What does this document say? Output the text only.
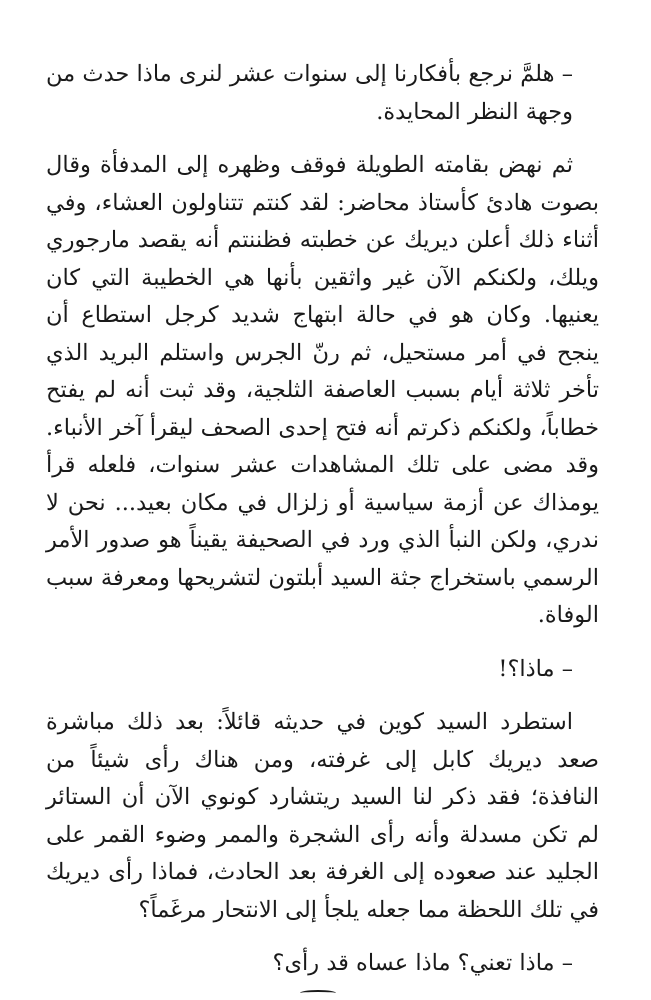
– هلمَّ نرجع بأفكارنا إلى سنوات عشر لنرى ماذا حدث من وجهة النظر المحايدة.

ثم نهض بقامته الطويلة فوقف وظهره إلى المدفأة وقال بصوت هادئ كأستاذ محاضر: لقد كنتم تتناولون العشاء، وفي أثناء ذلك أعلن ديريك عن خطبته فظننتم أنه يقصد مارجوري ويلك، ولكنكم الآن غير واثقين بأنها هي الخطيبة التي كان يعنيها. وكان هو في حالة ابتهاج شديد كرجل استطاع أن ينجح في أمر مستحيل، ثم رنّ الجرس واستلم البريد الذي تأخر ثلاثة أيام بسبب العاصفة الثلجية، وقد ثبت أنه لم يفتح خطاباً، ولكنكم ذكرتم أنه فتح إحدى الصحف ليقرأ آخر الأنباء. وقد مضى على تلك المشاهدات عشر سنوات، فلعله قرأ يومذاك عن أزمة سياسية أو زلزال في مكان بعيد... نحن لا ندري، ولكن النبأ الذي ورد في الصحيفة يقيناً هو صدور الأمر الرسمي باستخراج جثة السيد أبلتون لتشريحها ومعرفة سبب الوفاة.

– ماذا؟!

استطرد السيد كوين في حديثه قائلاً: بعد ذلك مباشرة صعد ديريك كابل إلى غرفته، ومن هناك رأى شيئاً من النافذة؛ فقد ذكر لنا السيد ريتشارد كونوي الآن أن الستائر لم تكن مسدلة وأنه رأى الشجرة والممر وضوء القمر على الجليد عند صعوده إلى الغرفة بعد الحادث، فماذا رأى ديريك في تلك اللحظة مما جعله يلجأ إلى الانتحار مرغَماً؟

– ماذا تعني؟ ماذا عساه قد رأى؟
